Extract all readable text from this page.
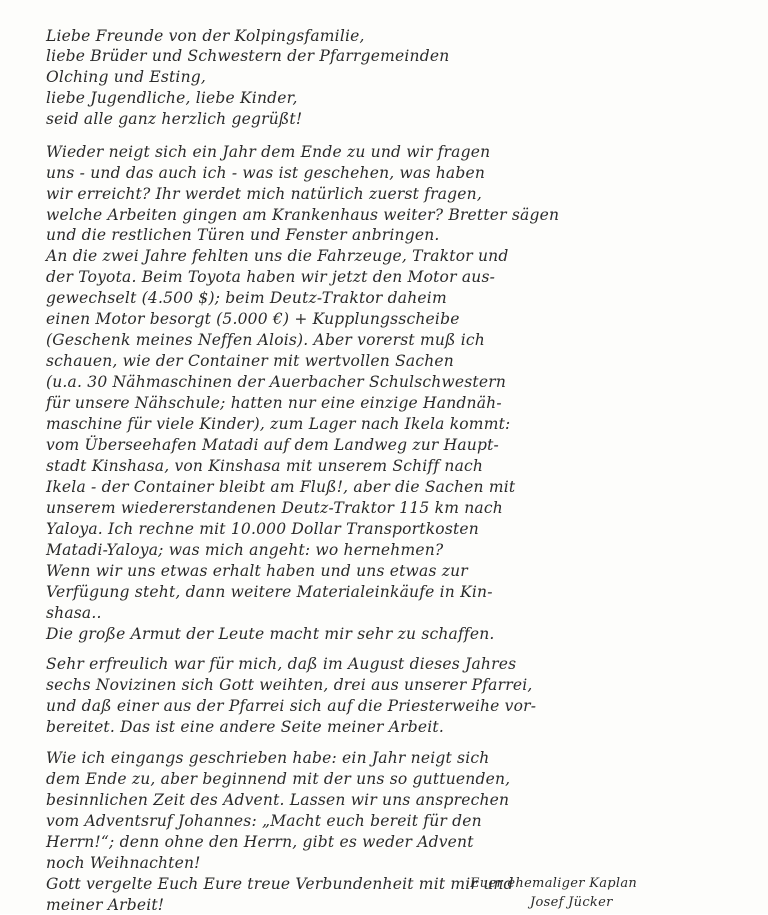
Liebe Freunde von der Kolpingsfamilie,
liebe Brüder und Schwestern der Pfarrgemeinden
Olching und Esting,
liebe Jugendliche, liebe Kinder,
seid alle ganz herzlich gegrüßt!
Wieder neigt sich ein Jahr dem Ende zu und wir fragen
uns - und das auch ich - was ist geschehen, was haben
wir erreicht? Ihr werdet mich natürlich zuerst fragen,
welche Arbeiten gingen am Krankenhaus weiter? Bretter sägen
und die restlichen Türen und Fenster anbringen.
An die zwei Jahre fehlten uns die Fahrzeuge, Traktor und
der Toyota. Beim Toyota haben wir jetzt den Motor aus-
gewechselt (4.500 $); beim Deutz-Traktor daheim
einen Motor besorgt (5.000 €) + Kupplungsscheibe
(Geschenk meines Neffen Alois). Aber vorerst muß ich
schauen, wie der Container mit wertvollen Sachen
(u.a. 30 Nähmaschinen der Auerbacher Schulschwestern
für unsere Nähschule; hatten nur eine einzige Handnäh-
maschine für viele Kinder), zum Lager nach Ikela kommt:
vom Überseehafen Matadi auf dem Landweg zur Haupt-
stadt Kinshasa, von Kinshasa mit unserem Schiff nach
Ikela - der Container bleibt am Fluß!, aber die Sachen mit
unserem wiedererstandenen Deutz-Traktor 115 km nach
Yaloya. Ich rechne mit 10.000 Dollar Transportkosten
Matadi-Yaloya; was mich angeht: wo hernehmen?
Wenn wir uns etwas erhalt haben und uns etwas zur
Verfügung steht, dann weitere Materialeinkäufe in Kin-
shasa..
Die große Armut der Leute macht mir sehr zu schaffen.
Sehr erfreulich war für mich, daß im August dieses Jahres
sechs Novizinen sich Gott weihten, drei aus unserer Pfarrei,
und daß einer aus der Pfarrei sich auf die Priesterweihe vor-
bereitet. Das ist eine andere Seite meiner Arbeit.
Wie ich eingangs geschrieben habe: ein Jahr neigt sich
dem Ende zu, aber beginnend mit der uns so guttuenden,
besinnlichen Zeit des Advent. Lassen wir uns ansprechen
vom Adventsruf Johannes: „Macht euch bereit für den
Herrn!“; denn ohne den Herrn, gibt es weder Advent
noch Weihnachten!
Gott vergelte Euch Eure treue Verbundenheit mit mir und
meiner Arbeit!
Euer ehemaliger Kaplan
Josef Jücker
